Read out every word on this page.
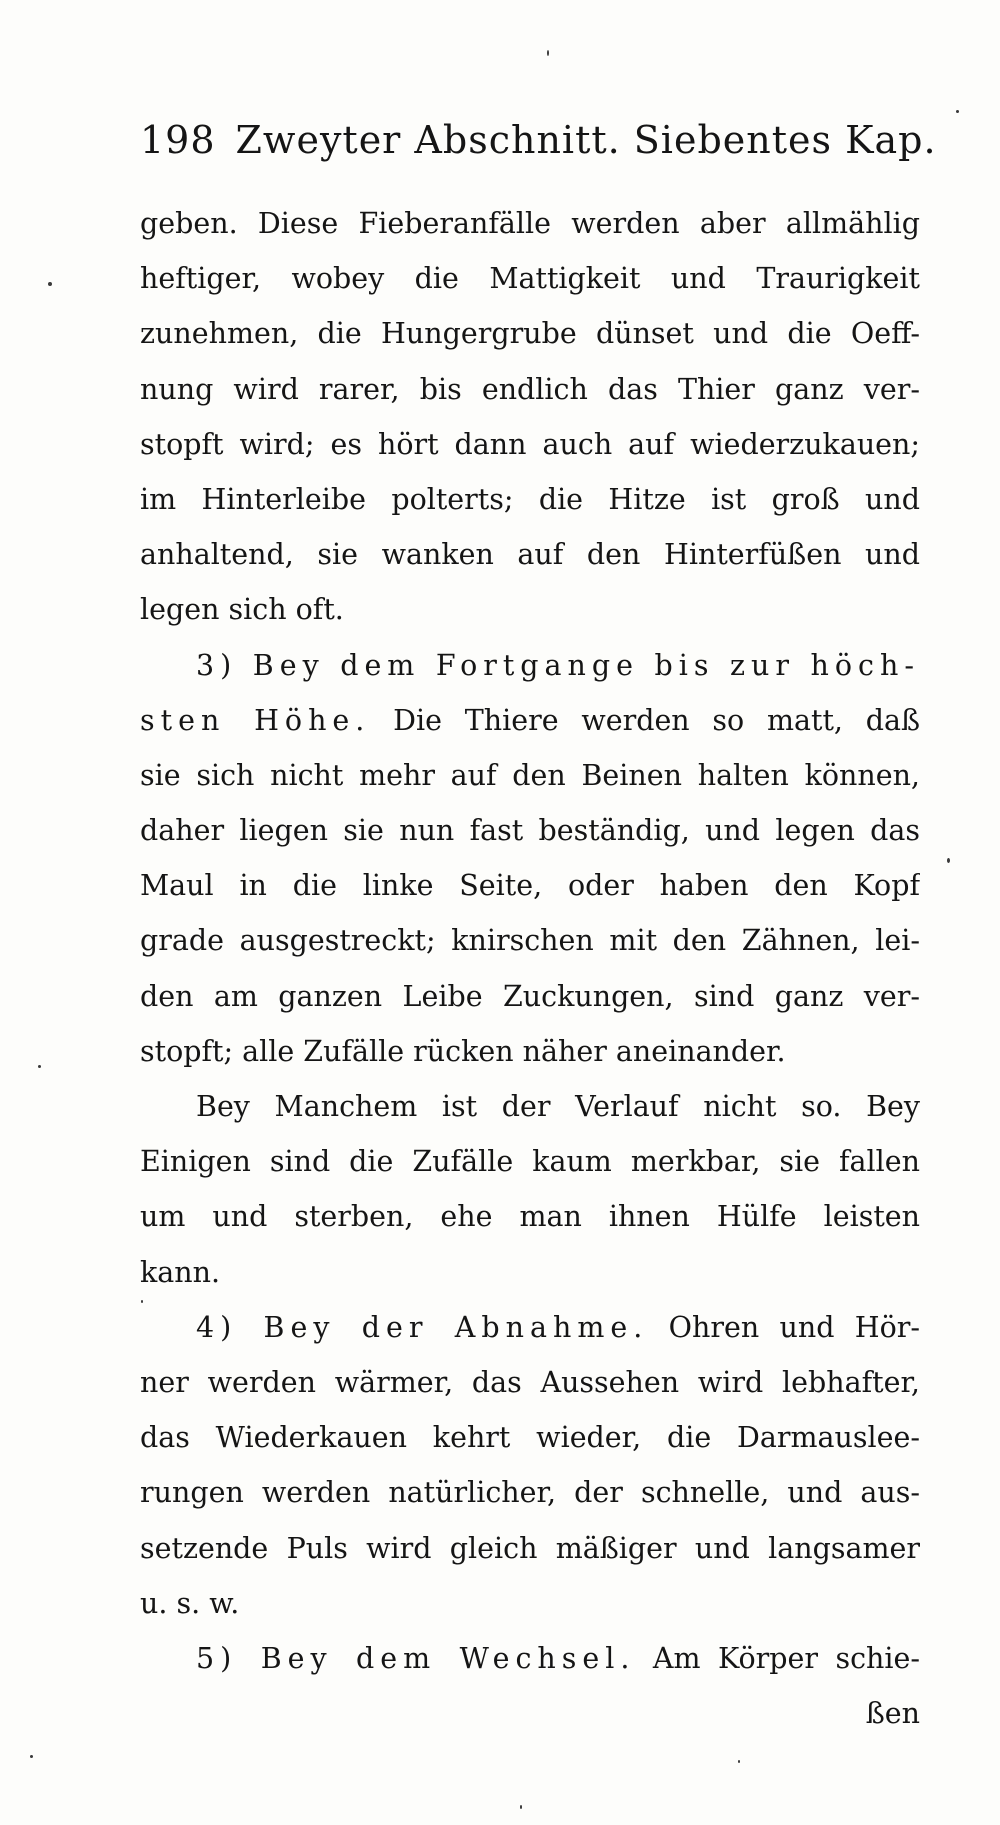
198 Zweyter Abschnitt. Siebentes Kap.
geben. Diese Fieberanfälle werden aber allmählig
heftiger, wobey die Mattigkeit und Traurigkeit
zunehmen, die Hungergrube dünset und die Oeff-
nung wird rarer, bis endlich das Thier ganz ver-
stopft wird; es hört dann auch auf wiederzukauen;
im Hinterleibe polterts; die Hitze ist groß und
anhaltend, sie wanken auf den Hinterfüßen und
legen sich oft.
3) Bey dem Fortgange bis zur höch-
sten Höhe. Die Thiere werden so matt, daß
sie sich nicht mehr auf den Beinen halten können,
daher liegen sie nun fast beständig, und legen das
Maul in die linke Seite, oder haben den Kopf
grade ausgestreckt; knirschen mit den Zähnen, lei-
den am ganzen Leibe Zuckungen, sind ganz ver-
stopft; alle Zufälle rücken näher aneinander.
Bey Manchem ist der Verlauf nicht so. Bey
Einigen sind die Zufälle kaum merkbar, sie fallen
um und sterben, ehe man ihnen Hülfe leisten
kann.
4) Bey der Abnahme. Ohren und Hör-
ner werden wärmer, das Aussehen wird lebhafter,
das Wiederkauen kehrt wieder, die Darmauslee-
rungen werden natürlicher, der schnelle, und aus-
setzende Puls wird gleich mäßiger und langsamer
u. s. w.
5) Bey dem Wechsel. Am Körper schie-
ßen
